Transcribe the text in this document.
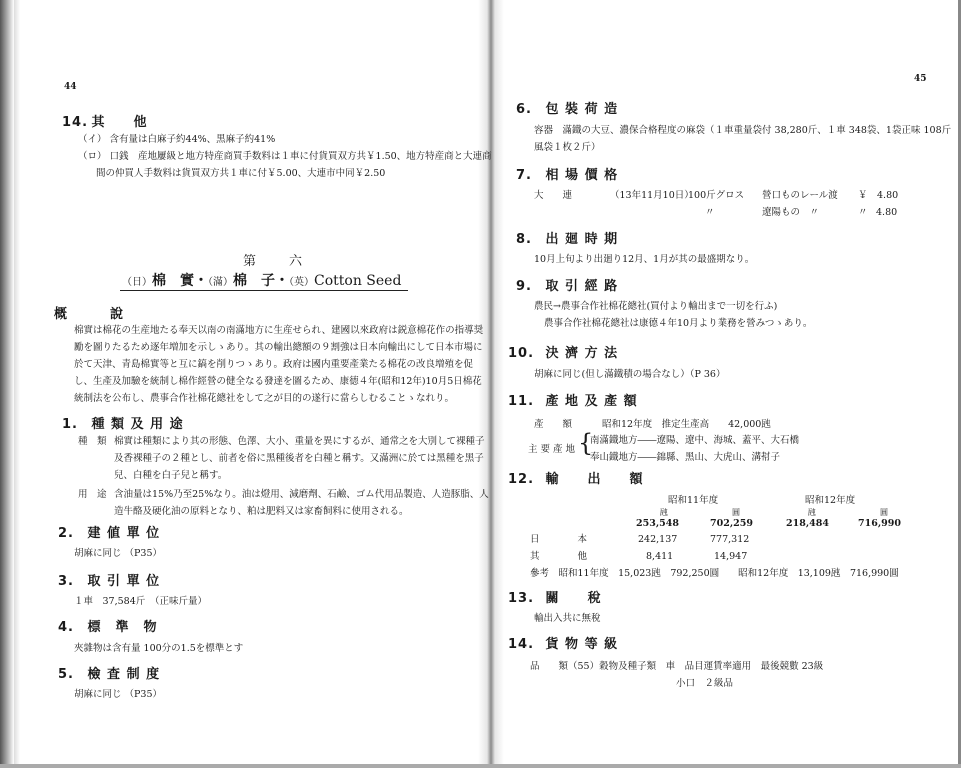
44
14. 其　　他
（イ） 含有量は白麻子約44%、黒麻子約41%
（ロ） 口銭　産地屢級と地方特産商買手数料は１車に付貨買双方共￥1.50、地方特産商と大連商
間の仲買人手数料は貨買双方共１車に付￥5.00、大連市中同￥2.50
第　六
（日）棉　實・（滿）棉　子・（英）Cotton Seed
概　　　說
棉實は棉花の生産地たる奉天以南の南滿地方に生産せられ、建國以來政府は鋭意棉花作の指導奨
勵を圖りたるため逐年増加を示しゝあり。其の輸出總額の９割強は日本向輸出にして日本市場に
於て天津、青島棉實等と互に鎬を削りつゝあり。政府は國内重要產業たる棉花の改良増殖を促
し、生產及加驗を統制し棉作經營の健全なる發達を圖るため、康德４年(昭和12年)10月5日棉花
統制法を公布し、農事合作社棉花總社をして之が目的の遂行に當らしむることゝなれり。
1. 種 類 及 用 途
種　類 棉實は種類により其の形態、色澤、大小、重量を異にするが、通常之を大別して裸種子
及香裸種子の２種とし、前者を俗に黑種後者を白種と稱す。又滿洲に於ては黑種を黑子
兒、白種を白子兒と稱す。
用　途 含油量は15%乃至25%なり。油は燈用、減磨劑、石鹼、ゴム代用品製造、人造豚脂、人
造牛酪及硬化油の原料となり、粕は肥料又は家畜飼料に使用される。
2. 建 値 單 位
胡麻に同じ （P35）
3. 取 引 單 位
１車　37,584斤　（正味斤量）
4. 標　準　物
夾雜物は含有量 100分の1.5を標準とす
5. 檢 査 制 度
胡麻に同じ （P35）
45
6. 包 裝 荷 造
容器　滿鐵の大豆、濃保合格程度の麻袋（１車重量袋付 38,280斤、１車 348袋、1袋正味 108斤
風袋１枚２斤）
7. 相 場 價 格
大　　連	（13年11月10日）
100斤グロス 營口ものレール渡 ￥　4.80
〃	遼陽もの　〃	〃 4.80
8. 出 廻 時 期
10月上旬より出廻り12月、1月が其の最盛期なり。
9. 取 引 經 路
農民→農事合作社棉花總社(買付より輸出まで一切を行ふ)
農事合作社棉花總社は康德４年10月より業務を營みつゝあり。
10. 決 濟 方 法
胡麻に同じ(但し滿鐵積の場合なし）（P 36）
11. 產 地 及 產 額
產　　額	昭和12年度　推定生產高　　42,000瓲
主 要 產 地 {
南滿鐵地方――遼陽、遼中、海城、蓋平、大石橋
奉山鐵地方――錦縣、黑山、大虎山、溝幇子
12. 輸　　出　　額
昭和11年度	昭和12年度
瓲	圓	瓲	圓
253,548	702,259	218,484	716,990
日　　　　本	242,137	777,312
其　　　　他	8,411	14,947
參考　昭和11年度　15,023瓲　792,250圓　　昭和12年度　13,109瓲　716,990圓
13. 關　　稅
輸出入共に無稅
14. 貨 物 等 級
品　　類（55）穀物及種子類　車　品目運賃率適用　最後競數 23級
小口　２級品
